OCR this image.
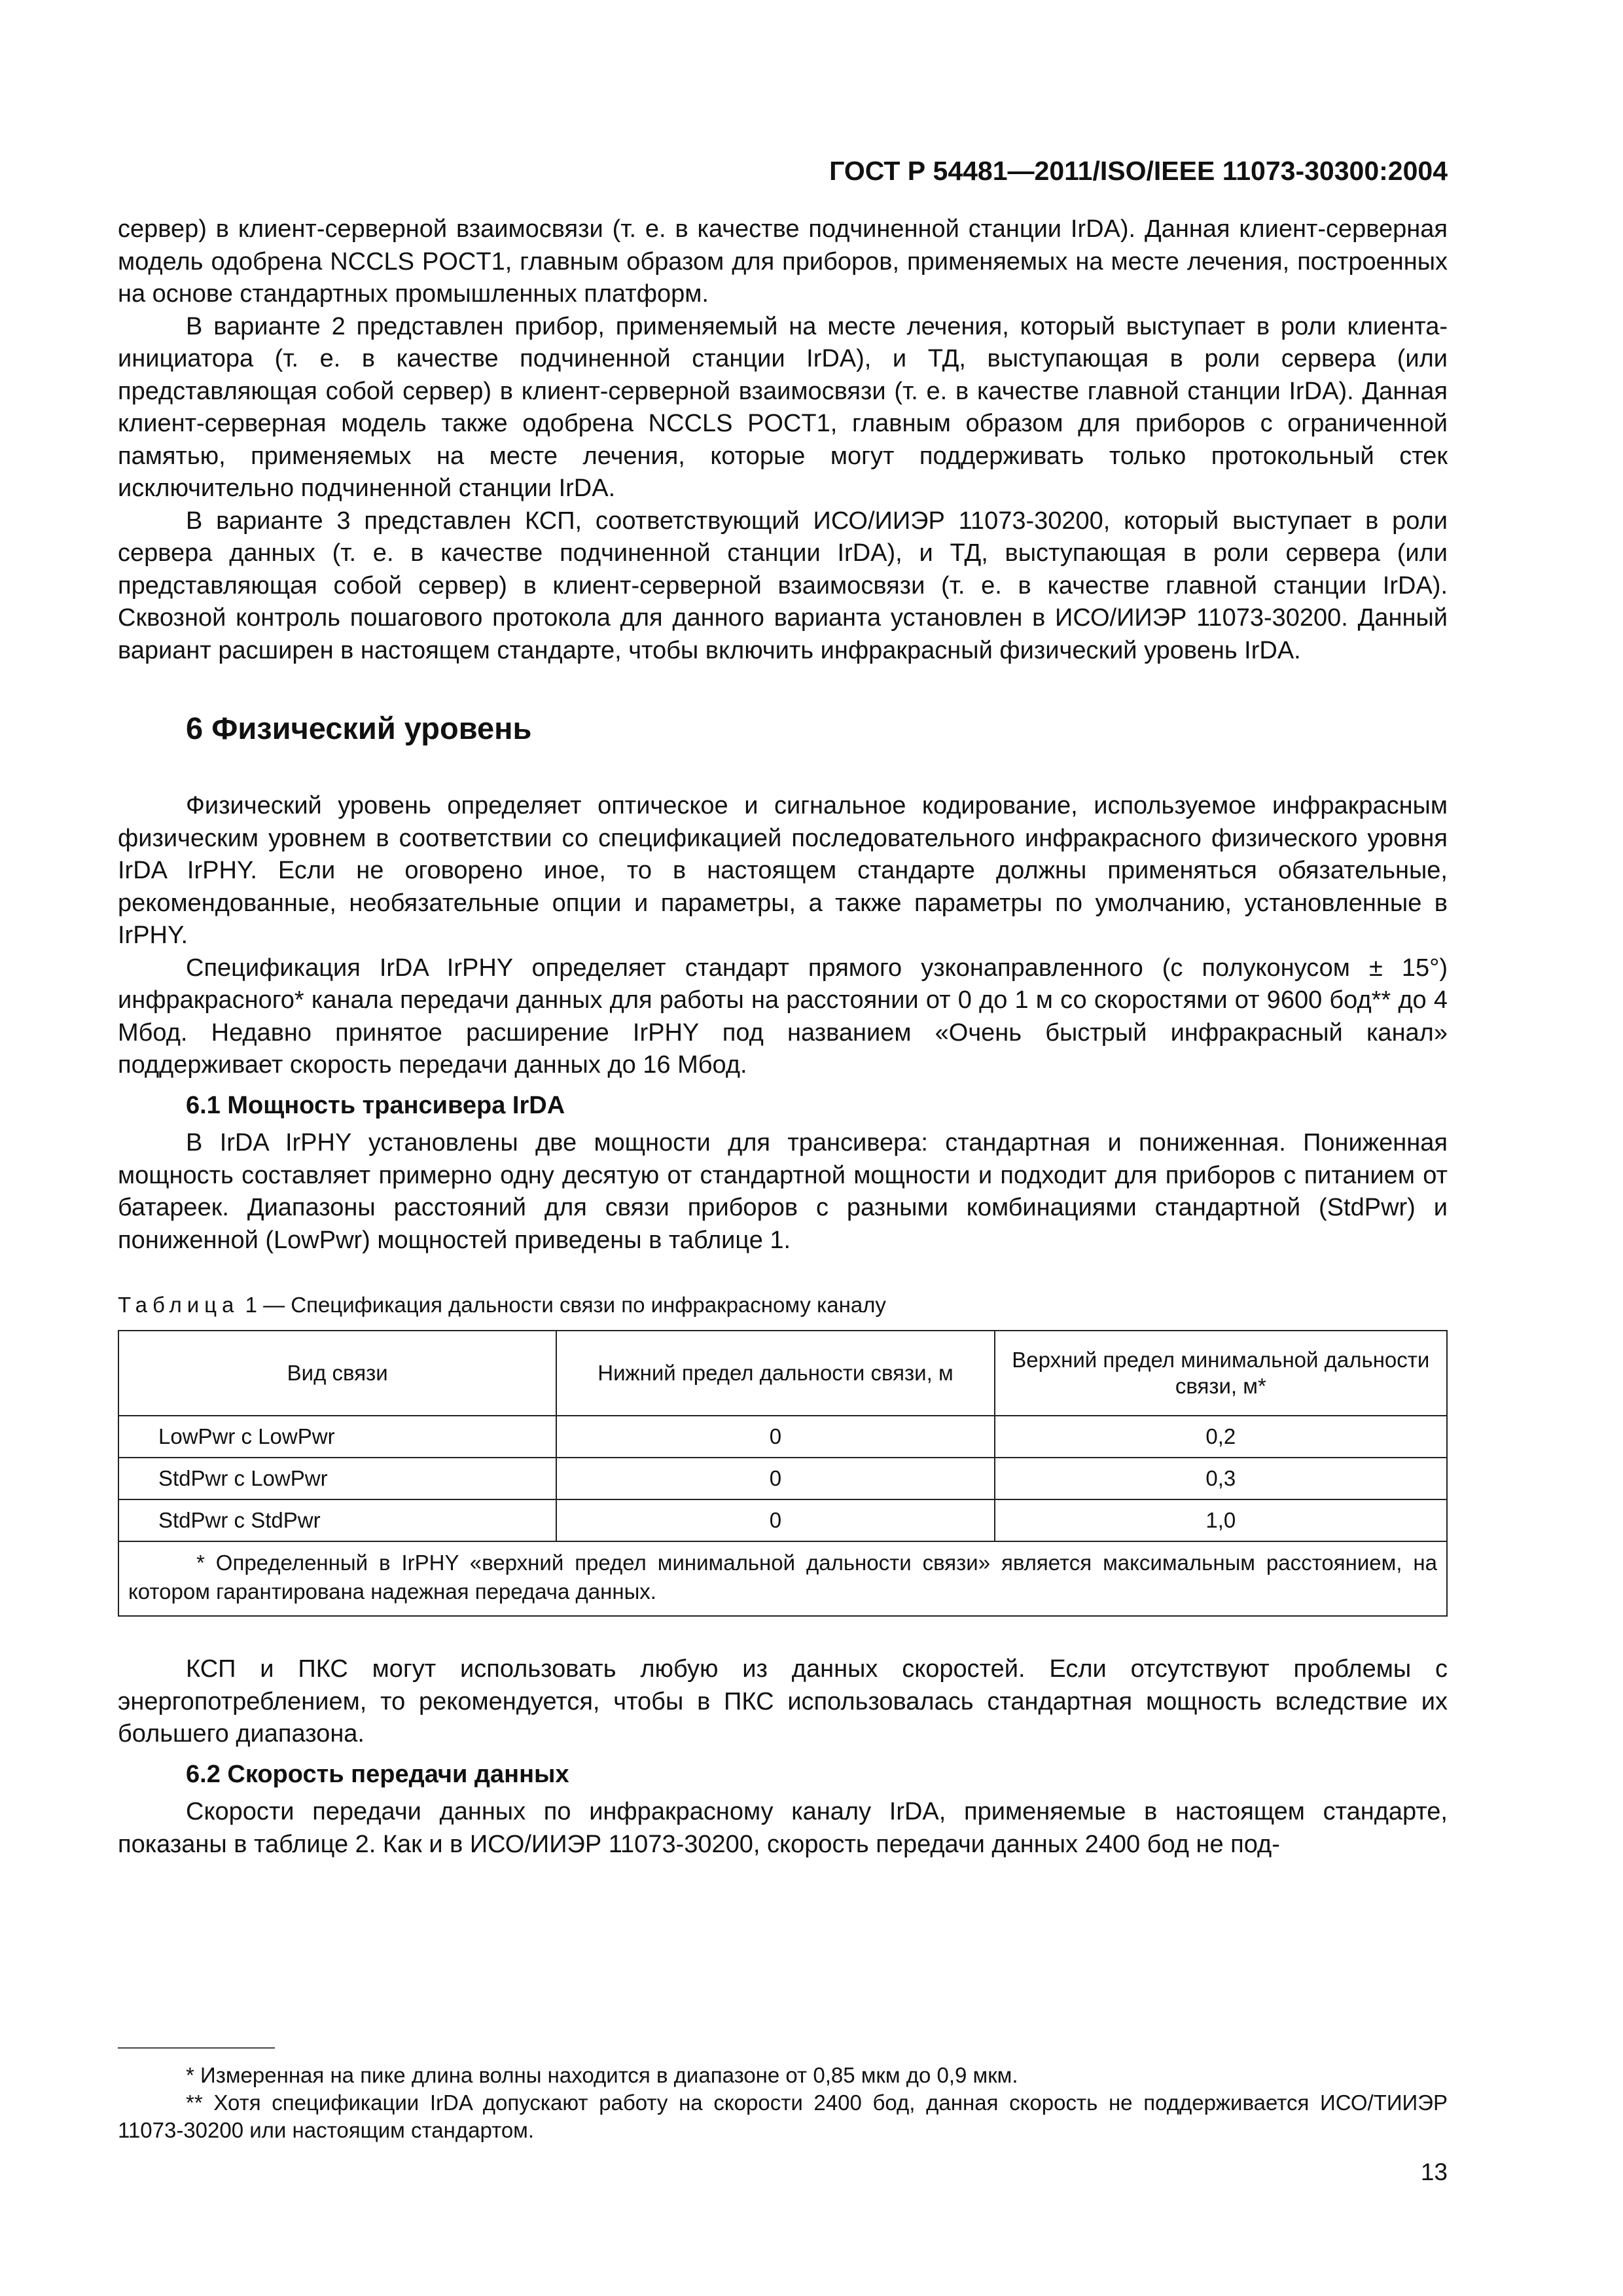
ГОСТ Р 54481—2011/ISO/IEEE 11073-30300:2004

сервер) в клиент-серверной взаимосвязи (т. е. в качестве подчиненной станции IrDA). Данная клиент-серверная модель одобрена NCCLS POCT1, главным образом для приборов, применяемых на месте лечения, построенных на основе стандартных промышленных платформ.

В варианте 2 представлен прибор, применяемый на месте лечения, который выступает в роли клиента-инициатора (т. е. в качестве подчиненной станции IrDA), и ТД, выступающая в роли сервера (или представляющая собой сервер) в клиент-серверной взаимосвязи (т. е. в качестве главной станции IrDA). Данная клиент-серверная модель также одобрена NCCLS POCT1, главным образом для приборов с ограниченной памятью, применяемых на месте лечения, которые могут поддерживать только протокольный стек исключительно подчиненной станции IrDA.

В варианте 3 представлен КСП, соответствующий ИСО/ИИЭР 11073-30200, который выступает в роли сервера данных (т. е. в качестве подчиненной станции IrDA), и ТД, выступающая в роли сервера (или представляющая собой сервер) в клиент-серверной взаимосвязи (т. е. в качестве главной станции IrDA). Сквозной контроль пошагового протокола для данного варианта установлен в ИСО/ИИЭР 11073-30200. Данный вариант расширен в настоящем стандарте, чтобы включить инфракрасный физический уровень IrDA.

6 Физический уровень

Физический уровень определяет оптическое и сигнальное кодирование, используемое инфракрасным физическим уровнем в соответствии со спецификацией последовательного инфракрасного физического уровня IrDA IrPHY. Если не оговорено иное, то в настоящем стандарте должны применяться обязательные, рекомендованные, необязательные опции и параметры, а также параметры по умолчанию, установленные в IrPHY.

Спецификация IrDA IrPHY определяет стандарт прямого узконаправленного (с полуконусом ± 15°) инфракрасного* канала передачи данных для работы на расстоянии от 0 до 1 м со скоростями от 9600 бод** до 4 Мбод. Недавно принятое расширение IrPHY под названием «Очень быстрый инфракрасный канал» поддерживает скорость передачи данных до 16 Мбод.

6.1 Мощность трансивера IrDA

В IrDA IrPHY установлены две мощности для трансивера: стандартная и пониженная. Пониженная мощность составляет примерно одну десятую от стандартной мощности и подходит для приборов с питанием от батареек. Диапазоны расстояний для связи приборов с разными комбинациями стандартной (StdPwr) и пониженной (LowPwr) мощностей приведены в таблице 1.

Таблица 1 — Спецификация дальности связи по инфракрасному каналу
Вид связи	Нижний предел дальности связи, м	Верхний предел минимальной дальности связи, м*
LowPwr с LowPwr	0	0,2
StdPwr с LowPwr	0	0,3
StdPwr с StdPwr	0	1,0
* Определенный в IrPHY «верхний предел минимальной дальности связи» является максимальным расстоянием, на котором гарантирована надежная передача данных.		

КСП и ПКС могут использовать любую из данных скоростей. Если отсутствуют проблемы с энергопотреблением, то рекомендуется, чтобы в ПКС использовалась стандартная мощность вследствие их большего диапазона.

6.2 Скорость передачи данных

Скорости передачи данных по инфракрасному каналу IrDA, применяемые в настоящем стандарте, показаны в таблице 2. Как и в ИСО/ИИЭР 11073-30200, скорость передачи данных 2400 бод не под-

* Измеренная на пике длина волны находится в диапазоне от 0,85 мкм до 0,9 мкм.

** Хотя спецификации IrDA допускают работу на скорости 2400 бод, данная скорость не поддерживается ИСО/ТИИЭР 11073-30200 или настоящим стандартом.

13
